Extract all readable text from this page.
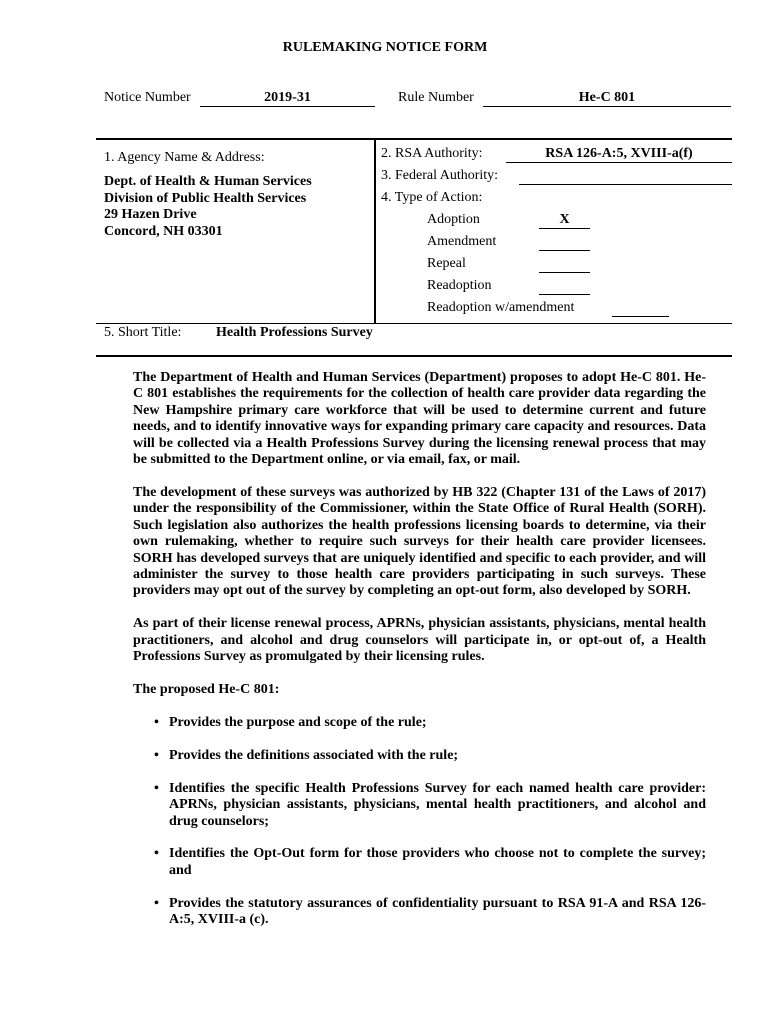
RULEMAKING NOTICE FORM
Notice Number	2019-31	Rule Number	He-C 801
1. Agency Name & Address:
Dept. of Health & Human Services
Division of Public Health Services
29 Hazen Drive
Concord, NH 03301
2. RSA Authority:	RSA 126-A:5, XVIII-a(f)
3. Federal Authority:
4. Type of Action:
Adoption	X
Amendment
Repeal
Readoption
Readoption w/amendment
5. Short Title: Health Professions Survey

The Department of Health and Human Services (Department) proposes to adopt He-C 801. He-C 801 establishes the requirements for the collection of health care provider data regarding the New Hampshire primary care workforce that will be used to determine current and future needs, and to identify innovative ways for expanding primary care capacity and resources. Data will be collected via a Health Professions Survey during the licensing renewal process that may be submitted to the Department online, or via email, fax, or mail.

The development of these surveys was authorized by HB 322 (Chapter 131 of the Laws of 2017) under the responsibility of the Commissioner, within the State Office of Rural Health (SORH). Such legislation also authorizes the health professions licensing boards to determine, via their own rulemaking, whether to require such surveys for their health care provider licensees. SORH has developed surveys that are uniquely identified and specific to each provider, and will administer the survey to those health care providers participating in such surveys. These providers may opt out of the survey by completing an opt-out form, also developed by SORH.

As part of their license renewal process, APRNs, physician assistants, physicians, mental health practitioners, and alcohol and drug counselors will participate in, or opt-out of, a Health Professions Survey as promulgated by their licensing rules.

The proposed He-C 801:

• Provides the purpose and scope of the rule;
• Provides the definitions associated with the rule;
• Identifies the specific Health Professions Survey for each named health care provider: APRNs, physician assistants, physicians, mental health practitioners, and alcohol and drug counselors;
• Identifies the Opt-Out form for those providers who choose not to complete the survey; and
• Provides the statutory assurances of confidentiality pursuant to RSA 91-A and RSA 126-A:5, XVIII-a (c).
